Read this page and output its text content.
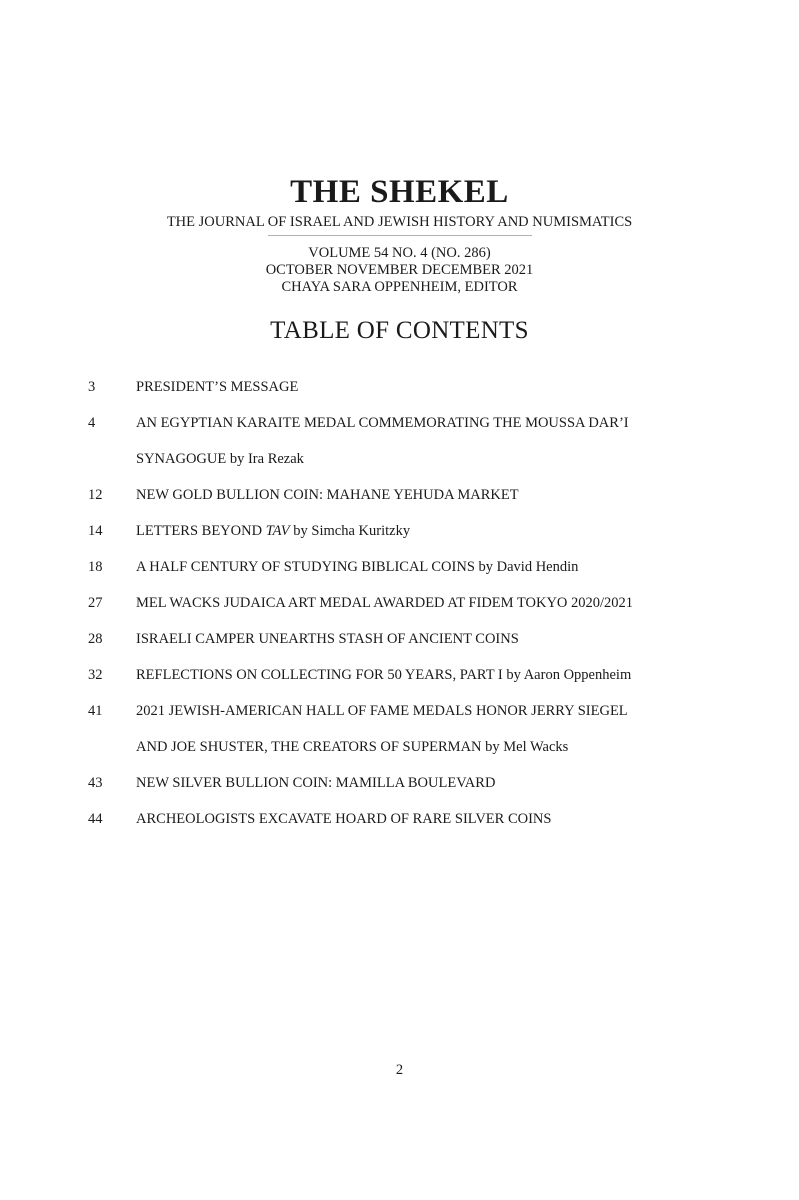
THE SHEKEL

THE JOURNAL OF ISRAEL AND JEWISH HISTORY AND NUMISMATICS

VOLUME 54 NO. 4 (NO. 286)
OCTOBER NOVEMBER DECEMBER 2021
CHAYA SARA OPPENHEIM, EDITOR
TABLE OF CONTENTS
3	PRESIDENT’S MESSAGE
4	AN EGYPTIAN KARAITE MEDAL COMMEMORATING THE MOUSSA DAR’I
SYNAGOGUE by Ira Rezak
12	NEW GOLD BULLION COIN: MAHANE YEHUDA MARKET
14	LETTERS BEYOND TAV by Simcha Kuritzky
18	A HALF CENTURY OF STUDYING BIBLICAL COINS by David Hendin
27	MEL WACKS JUDAICA ART MEDAL AWARDED AT FIDEM TOKYO 2020/2021
28	ISRAELI CAMPER UNEARTHS STASH OF ANCIENT COINS
32	REFLECTIONS ON COLLECTING FOR 50 YEARS, PART I by Aaron Oppenheim
41	2021 JEWISH-AMERICAN HALL OF FAME MEDALS HONOR JERRY SIEGEL
AND JOE SHUSTER, THE CREATORS OF SUPERMAN by Mel Wacks
43	NEW SILVER BULLION COIN: MAMILLA BOULEVARD
44	ARCHEOLOGISTS EXCAVATE HOARD OF RARE SILVER COINS
2
